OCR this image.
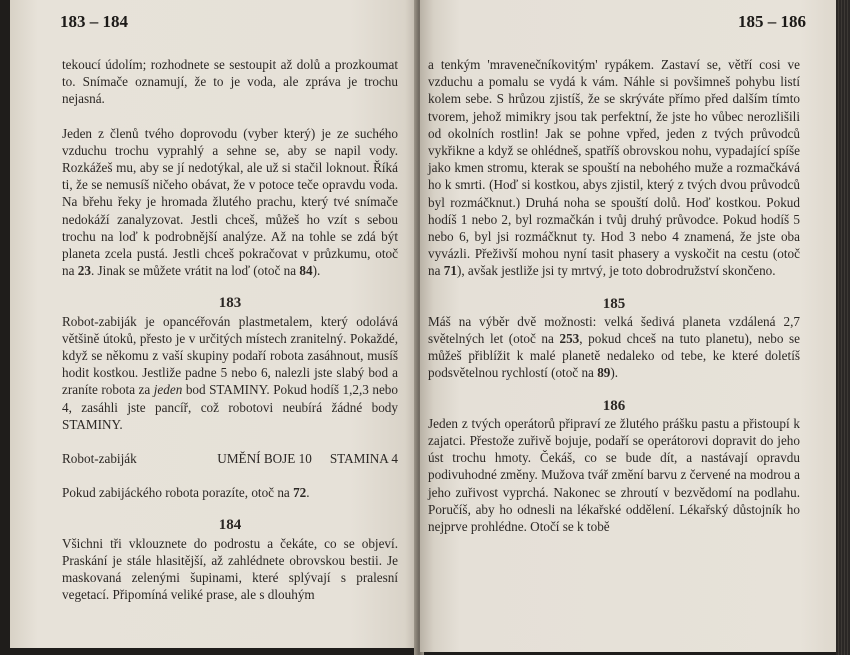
183 – 184

tekoucí údolím; rozhodnete se sestoupit až dolů a prozkoumat to. Snímače oznamují, že to je voda, ale zpráva je trochu nejasná.

Jeden z členů tvého doprovodu (vyber který) je ze suchého vzduchu trochu vyprahlý a sehne se, aby se napil vody. Rozkážeš mu, aby se jí nedotýkal, ale už si stačil loknout. Říká ti, že se nemusíš ničeho obávat, že v potoce teče opravdu voda. Na břehu řeky je hromada žlutého prachu, který tvé snímače nedokáží zanalyzovat. Jestli chceš, můžeš ho vzít s sebou trochu na loď k podrobnější analýze. Až na tohle se zdá být planeta zcela pustá. Jestli chceš pokračovat v průzkumu, otoč na 23. Jinak se můžete vrátit na loď (otoč na 84).

183

Robot-zabiják je opancéřován plastmetalem, který odolává většině útoků, přesto je v určitých místech zranitelný. Pokaždé, když se někomu z vaší skupiny podaří robota zasáhnout, musíš hodit kostkou. Jestliže padne 5 nebo 6, nalezli jste slabý bod a zraníte robota za jeden bod STAMINY. Pokud hodíš 1,2,3 nebo 4, zasáhli jste pancíř, což robotovi neubírá žádné body STAMINY.

Robot-zabiják	UMĚNÍ BOJE 10 STAMINA 4

Pokud zabijáckého robota porazíte, otoč na 72.

184

Všichni tři vklouznete do podrostu a čekáte, co se objeví. Praskání je stále hlasitější, až zahlédnete obrovskou bestii. Je maskovaná zelenými šupinami, které splývají s pralesní vegetací. Připomíná veliké prase, ale s dlouhým

185 – 186

a tenkým 'mravenečníkovitým' rypákem. Zastaví se, větří cosi ve vzduchu a pomalu se vydá k vám. Náhle si povšimneš pohybu listí kolem sebe. S hrůzou zjistíš, že se skrýváte přímo před dalším tímto tvorem, jehož mimikry jsou tak perfektní, že jste ho vůbec nerozlišili od okolních rostlin! Jak se pohne vpřed, jeden z tvých průvodců vykřikne a když se ohlédneš, spatříš obrovskou nohu, vypadající spíše jako kmen stromu, kterak se spouští na nebohého muže a rozmačkává ho k smrti. (Hoď si kostkou, abys zjistil, který z tvých dvou průvodců byl rozmáčknut.) Druhá noha se spouští dolů. Hoď kostkou. Pokud hodíš 1 nebo 2, byl rozmačkán i tvůj druhý průvodce. Pokud hodíš 5 nebo 6, byl jsi rozmáčknut ty. Hod 3 nebo 4 znamená, že jste oba vyvázli. Přeživší mohou nyní tasit phasery a vyskočit na cestu (otoč na 71), avšak jestliže jsi ty mrtvý, je toto dobrodružství skončeno.

185

Máš na výběr dvě možnosti: velká šedivá planeta vzdálená 2,7 světelných let (otoč na 253, pokud chceš na tuto planetu), nebo se můžeš přiblížit k malé planetě nedaleko od tebe, ke které doletíš podsvětelnou rychlostí (otoč na 89).

186

Jeden z tvých operátorů připraví ze žlutého prášku pastu a přistoupí k zajatci. Přestože zuřivě bojuje, podaří se operátorovi dopravit do jeho úst trochu hmoty. Čekáš, co se bude dít, a nastávají opravdu podivuhodné změny. Mužova tvář změní barvu z červené na modrou a jeho zuřivost vyprchá. Nakonec se zhroutí v bezvědomí na podlahu. Poručíš, aby ho odnesli na lékařské oddělení. Lékařský důstojník ho nejprve prohlédne. Otočí se k tobě
